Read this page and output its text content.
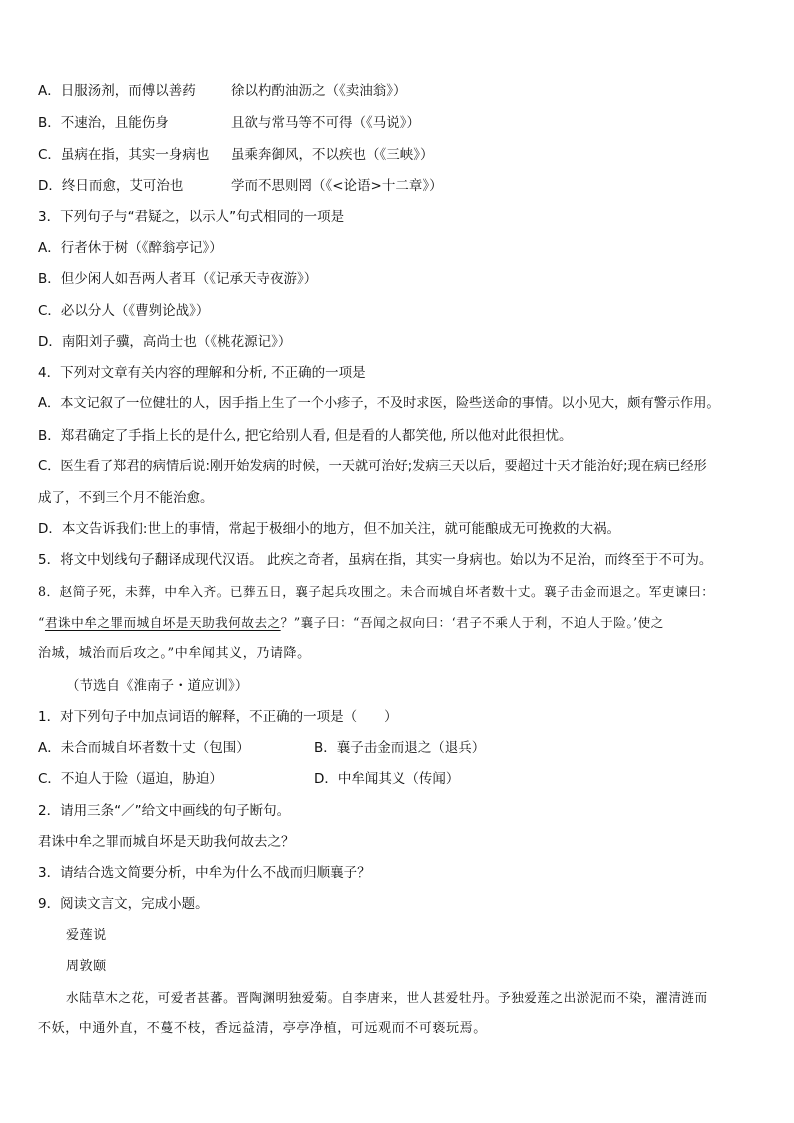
A．日服汤剂，而傅以善药	徐以杓酌油沥之（《卖油翁》）
B．不速治，且能伤身	且欲与常马等不可得（《马说》）
C．虽病在指，其实一身病也 虽乘奔御风，不以疾也（《三峡》）
D．终日而愈，艾可治也	学而不思则罔（《<论语>十二章》）
3．下列句子与“君疑之，以示人”句式相同的一项是
A．行者休于树（《醉翁亭记》）
B．但少闲人如吾两人者耳（《记承天寺夜游》）
C．必以分人（《曹刿论战》）
D．南阳刘子骥，高尚士也（《桃花源记》）
4．下列对文章有关内容的理解和分析, 不正确的一项是
A．本文记叙了一位健壮的人，因手指上生了一个小疹子，不及时求医，险些送命的事情。以小见大，颇有警示作用。
B．郑君确定了手指上长的是什么, 把它给别人看, 但是看的人都笑他, 所以他对此很担忧。
C．医生看了郑君的病情后说:刚开始发病的时候，一天就可治好;发病三天以后，要超过十天才能治好;现在病已经形
成了，不到三个月不能治愈。
D．本文告诉我们:世上的事情，常起于极细小的地方，但不加关注，就可能酿成无可挽救的大祸。
5．将文中划线句子翻译成现代汉语。 此疾之奇者，虽病在指，其实一身病也。始以为不足治，而终至于不可为。
8．赵简子死，未葬，中牟入齐。已葬五日，襄子起兵攻围之。未合而城自坏者数十丈。襄子击金而退之。军吏谏曰：
“君诛中牟之罪而城自坏是天助我何故去之？”襄子曰：“吾闻之叔向曰：‘君子不乘人于利，不迫人于险。’使之
治城，城治而后攻之。”中牟闻其义，乃请降。
（节选自《淮南子・道应训》）
1．对下列句子中加点词语的解释，不正确的一项是（　　）
A．未合而城自坏者数十丈（包围）	B．襄子击金而退之（退兵）
C．不迫人于险（逼迫，胁迫）	D．中牟闻其义（传闻）
2．请用三条“／”给文中画线的句子断句。
君诛中牟之罪而城自坏是天助我何故去之？
3．请结合选文简要分析，中牟为什么不战而归顺襄子？
9．阅读文言文，完成小题。
爱莲说
周敦颐
水陆草木之花，可爱者甚蕃。晋陶渊明独爱菊。自李唐来，世人甚爱牡丹。予独爱莲之出淤泥而不染，濯清涟而
不妖，中通外直，不蔓不枝，香远益清，亭亭净植，可远观而不可亵玩焉。
